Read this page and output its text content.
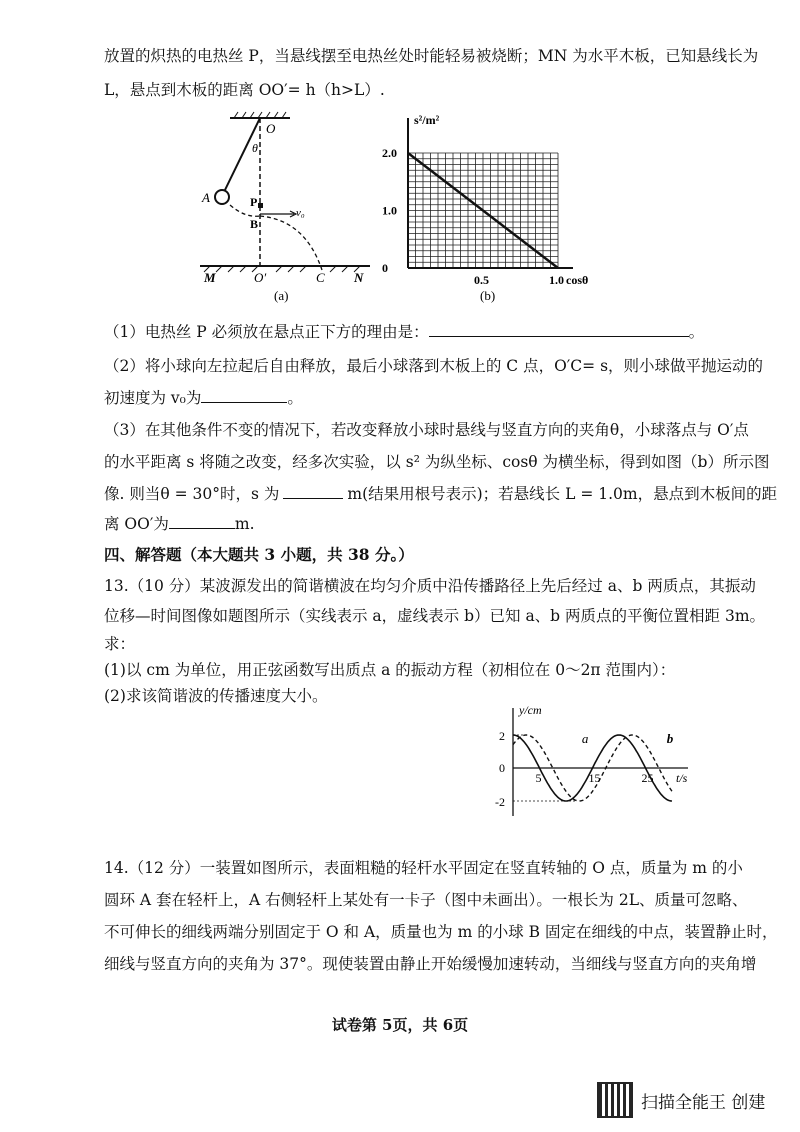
放置的炽热的电热丝 P，当悬线摆至电热丝处时能轻易被烧断；MN 为水平木板，已知悬线长为
L，悬点到木板的距离 OO′= h（h>L）.
O
θ
A	P
B
v₀
M	O′	C N
(a)
0
1.0
2.0
0.5	1.0 cosθ
s²/m²
(b)
（1）电热丝 P 必须放在悬点正下方的理由是：	。
（2）将小球向左拉起后自由释放，最后小球落到木板上的 C 点，O′C= s，则小球做平抛运动的
初速度为 v₀为	。
（3）在其他条件不变的情况下，若改变释放小球时悬线与竖直方向的夹角θ，小球落点与 O′点
的水平距离 s 将随之改变，经多次实验，以 s² 为纵坐标、cosθ 为横坐标，得到如图（b）所示图
像. 则当θ = 30°时，s 为	m(结果用根号表示)；若悬线长 L = 1.0m，悬点到木板间的距
离 OO′为	m.
四、解答题（本大题共 3 小题，共 38 分。）
13.（10 分）某波源发出的简谐横波在均匀介质中沿传播路径上先后经过 a、b 两质点，其振动
位移—时间图像如题图所示（实线表示 a，虚线表示 b）已知 a、b 两质点的平衡位置相距 3m。
求：
(1)以 cm 为单位，用正弦函数写出质点 a 的振动方程（初相位在 0～2π 范围内）：
(2)求该简谐波的传播速度大小。
2
0
-2
5	15	25 t/s
y/cm
a	b
14.（12 分）一装置如图所示，表面粗糙的轻杆水平固定在竖直转轴的 O 点，质量为 m 的小
圆环 A 套在轻杆上，A 右侧轻杆上某处有一卡子（图中未画出）。一根长为 2L、质量可忽略、
不可伸长的细线两端分别固定于 O 和 A，质量也为 m 的小球 B 固定在细线的中点，装置静止时，
细线与竖直方向的夹角为 37°。现使装置由静止开始缓慢加速转动，当细线与竖直方向的夹角增
试卷第 5页，共 6页
扫描全能王 创建
